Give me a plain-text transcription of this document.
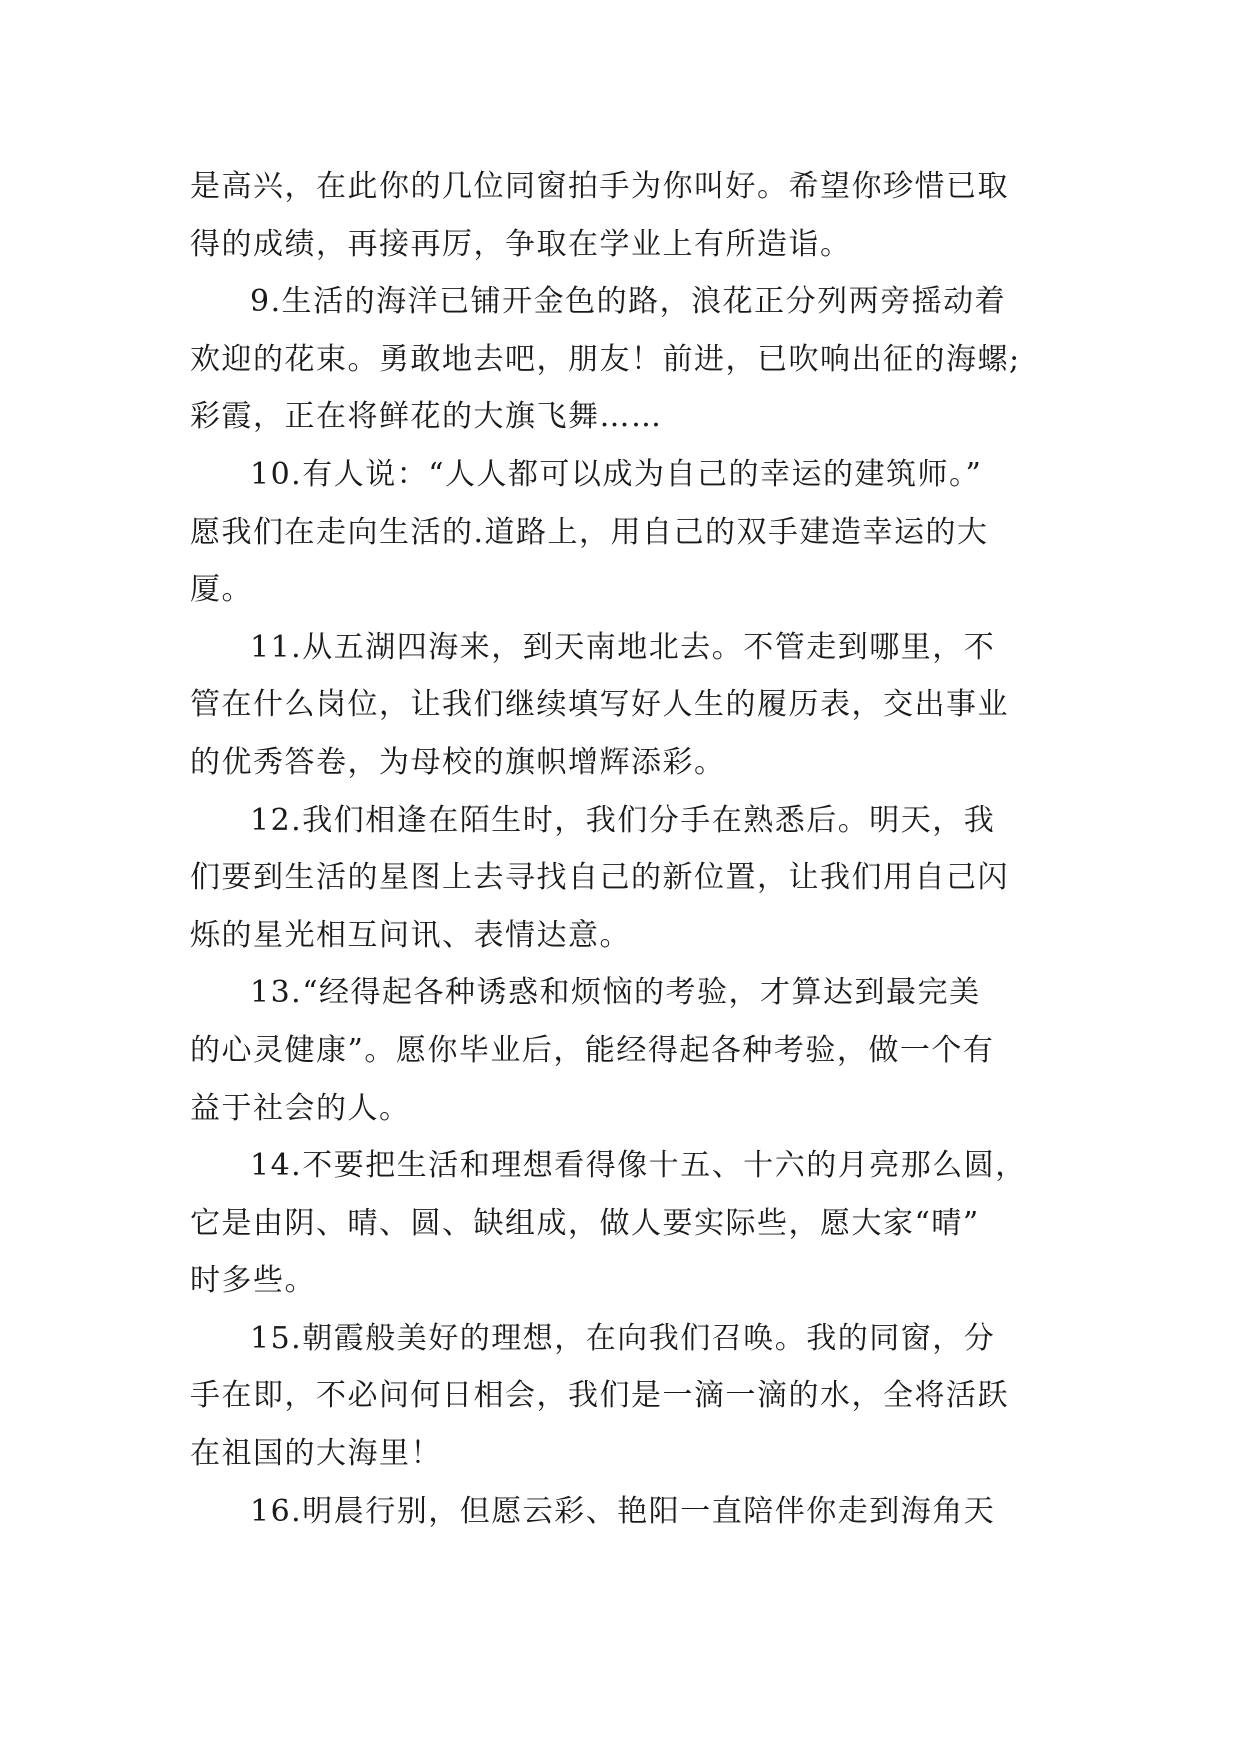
是高兴，在此你的几位同窗拍手为你叫好。希望你珍惜已取
得的成绩，再接再厉，争取在学业上有所造诣。

9.生活的海洋已铺开金色的路，浪花正分列两旁摇动着
欢迎的花束。勇敢地去吧，朋友！前进，已吹响出征的海螺;
彩霞，正在将鲜花的大旗飞舞……

10.有人说：“人人都可以成为自己的幸运的建筑师。”
愿我们在走向生活的.道路上，用自己的双手建造幸运的大
厦。

11.从五湖四海来，到天南地北去。不管走到哪里，不
管在什么岗位，让我们继续填写好人生的履历表，交出事业
的优秀答卷，为母校的旗帜增辉添彩。

12.我们相逢在陌生时，我们分手在熟悉后。明天，我
们要到生活的星图上去寻找自己的新位置，让我们用自己闪
烁的星光相互问讯、表情达意。

13.“经得起各种诱惑和烦恼的考验，才算达到最完美
的心灵健康”。愿你毕业后，能经得起各种考验，做一个有
益于社会的人。

14.不要把生活和理想看得像十五、十六的月亮那么圆，
它是由阴、晴、圆、缺组成，做人要实际些，愿大家“晴”
时多些。

15.朝霞般美好的理想，在向我们召唤。我的同窗，分
手在即，不必问何日相会，我们是一滴一滴的水，全将活跃
在祖国的大海里！

16.明晨行别，但愿云彩、艳阳一直陪伴你走到海角天
